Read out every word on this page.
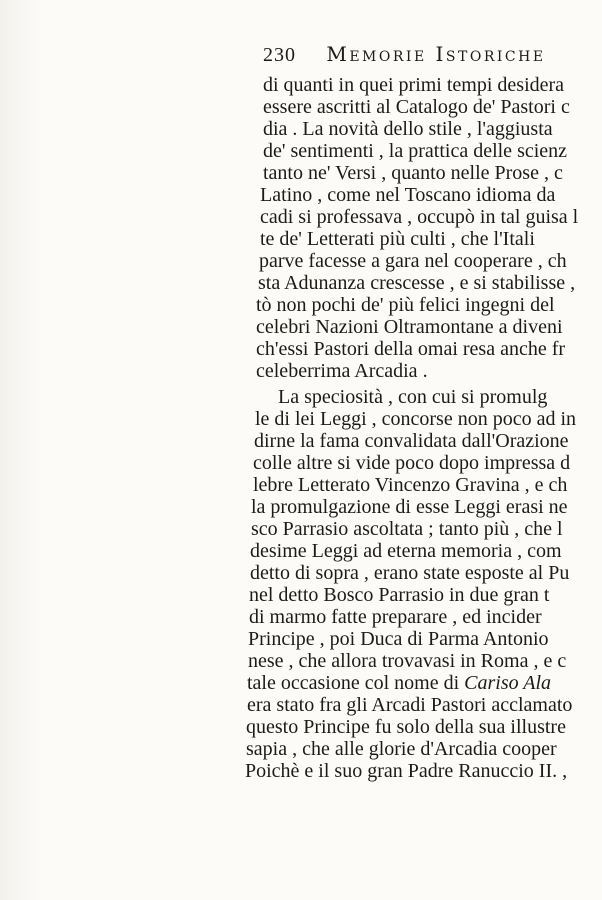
230 Memorie Istoriche
di quanti in quei primi tempi desidera
essere ascritti al Catalogo de' Pastori c
dia . La novità dello stile , l'aggiusta
de' sentimenti , la prattica delle scienz
tanto ne' Versi , quanto nelle Prose , c
Latino , come nel Toscano idioma da
cadi si professava , occupò in tal guisa l
te de' Letterati più culti , che l'Itali
parve facesse a gara nel cooperare , ch
sta Adunanza crescesse , e si stabilisse ,
tò non pochi de' più felici ingegni del
celebri Nazioni Oltramontane a diveni
ch'essi Pastori della omai resa anche fr
celeberrima Arcadia .
La speciosità , con cui si promulg
le di lei Leggi , concorse non poco ad in
dirne la fama convalidata dall'Orazione
colle altre si vide poco dopo impressa d
lebre Letterato Vincenzo Gravina , e ch
la promulgazione di esse Leggi erasi ne
sco Parrasio ascoltata ; tanto più , che l
desime Leggi ad eterna memoria , com
detto di sopra , erano state esposte al Pu
nel detto Bosco Parrasio in due gran t
di marmo fatte preparare , ed incider
Principe , poi Duca di Parma Antonio
nese , che allora trovavasi in Roma , e c
tale occasione col nome di Cariso Ala
era stato fra gli Arcadi Pastori acclamato
questo Principe fu solo della sua illustre
sapia , che alle glorie d'Arcadia cooper
Poichè e il suo gran Padre Ranuccio II. ,
